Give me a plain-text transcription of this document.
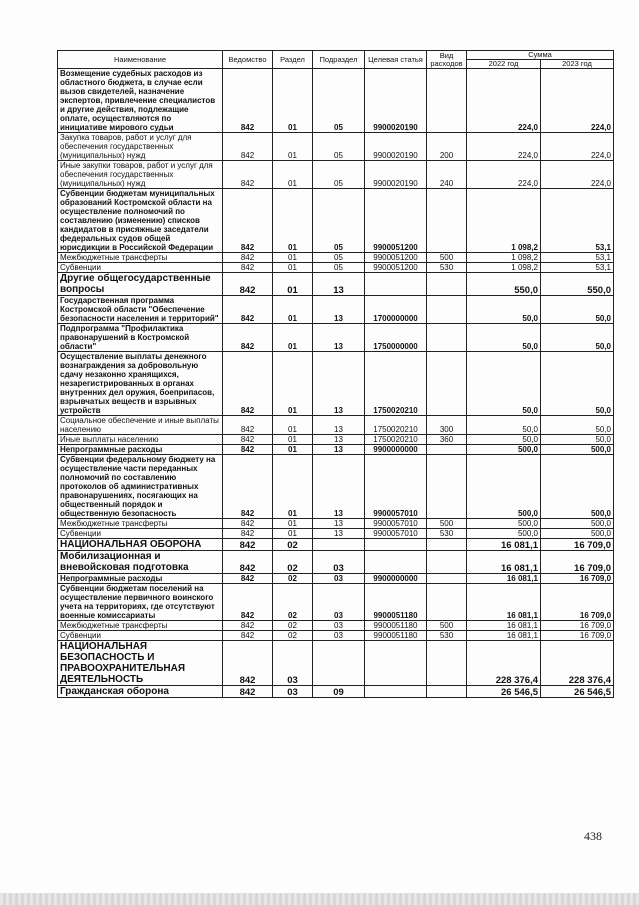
Наименование	Ведомство	Раздел	Подраздел	Целевая статья	Вид расходов	Сумма	
						2022 год	2023 год
Возмещение судебных расходов из областного бюджета, в случае если вызов свидетелей, назначение экспертов, привлечение специалистов и другие действия, подлежащие оплате, осуществляются по инициативе мирового судьи	842	01	05	9900020190		224,0	224,0
Закупка товаров, работ и услуг для обеспечения государственных (муниципальных) нужд	842	01	05	9900020190	200	224,0	224,0
Иные закупки товаров, работ и услуг для обеспечения государственных (муниципальных) нужд	842	01	05	9900020190	240	224,0	224,0
Субвенции бюджетам муниципальных образований Костромской области на осуществление полномочий по составлению (изменению) списков кандидатов в присяжные заседатели федеральных судов общей юрисдикции в Российской Федерации	842	01	05	9900051200		1 098,2	53,1
Межбюджетные трансферты	842	01	05	9900051200	500	1 098,2	53,1
Субвенции	842	01	05	9900051200	530	1 098,2	53,1
Другие общегосударственные вопросы	842	01	13			550,0	550,0
Государственная программа Костромской области "Обеспечение безопасности населения и территорий"	842	01	13	1700000000		50,0	50,0
Подпрограмма "Профилактика правонарушений в Костромской области"	842	01	13	1750000000		50,0	50,0
Осуществление выплаты денежного вознаграждения за добровольную сдачу незаконно хранящихся, незарегистрированных в органах внутренних дел оружия, боеприпасов, взрывчатых веществ и взрывных устройств	842	01	13	1750020210		50,0	50,0
Социальное обеспечение и иные выплаты населению	842	01	13	1750020210	300	50,0	50,0
Иные выплаты населению	842	01	13	1750020210	360	50,0	50,0
Непрограммные расходы	842	01	13	9900000000		500,0	500,0
Субвенции федеральному бюджету на осуществление части переданных полномочий по составлению протоколов об административных правонарушениях, посягающих на общественный порядок и общественную безопасность	842	01	13	9900057010		500,0	500,0
Межбюджетные трансферты	842	01	13	9900057010	500	500,0	500,0
Субвенции	842	01	13	9900057010	530	500,0	500,0
НАЦИОНАЛЬНАЯ ОБОРОНА	842	02				16 081,1	16 709,0
Мобилизационная и вневойсковая подготовка	842	02	03			16 081,1	16 709,0
Непрограммные расходы	842	02	03	9900000000		16 081,1	16 709,0
Субвенции бюджетам поселений на осуществление первичного воинского учета на территориях, где отсутствуют военные комиссариаты	842	02	03	9900051180		16 081,1	16 709,0
Межбюджетные трансферты	842	02	03	9900051180	500	16 081,1	16 709,0
Субвенции	842	02	03	9900051180	530	16 081,1	16 709,0
НАЦИОНАЛЬНАЯ БЕЗОПАСНОСТЬ И ПРАВООХРАНИТЕЛЬНАЯ ДЕЯТЕЛЬНОСТЬ	842	03				228 376,4	228 376,4
Гражданская оборона	842	03	09			26 546,5	26 546,5
438
